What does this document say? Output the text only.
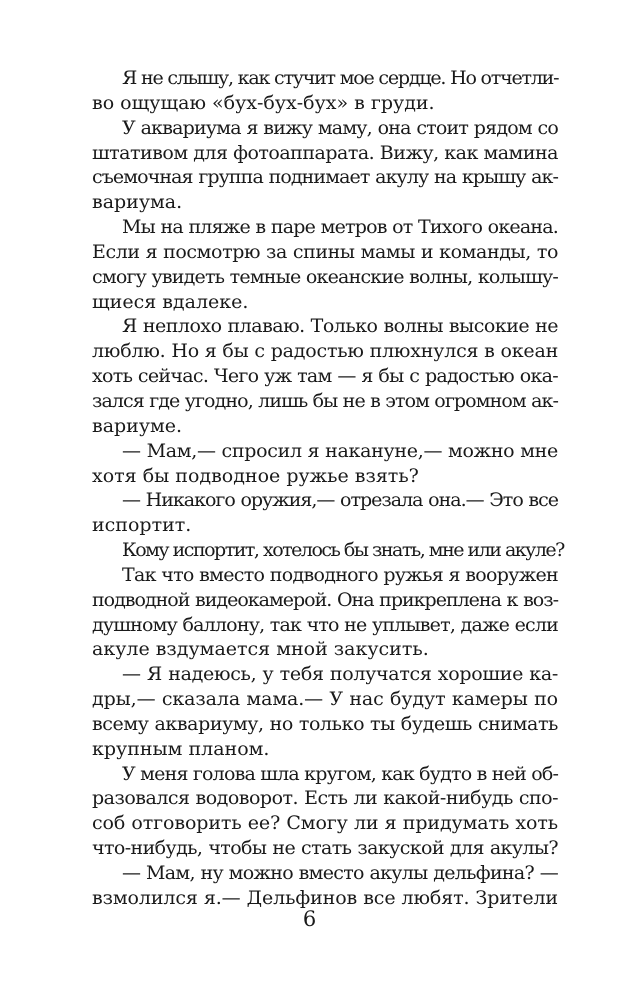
Я не слышу, как стучит мое сердце. Но отчетли-
во ощущаю «бух-бух-бух» в груди.
У аквариума я вижу маму, она стоит рядом со
штативом для фотоаппарата. Вижу, как мамина
съемочная группа поднимает акулу на крышу ак-
вариума.
Мы на пляже в паре метров от Тихого океана.
Если я посмотрю за спины мамы и команды, то
смогу увидеть темные океанские волны, колышу-
щиеся вдалеке.
Я неплохо плаваю. Только волны высокие не
люблю. Но я бы с радостью плюхнулся в океан
хоть сейчас. Чего уж там — я бы с радостью ока-
зался где угодно, лишь бы не в этом огромном ак-
вариуме.
— Мам,— спросил я накануне,— можно мне
хотя бы подводное ружье взять?
— Никакого оружия,— отрезала она.— Это все
испортит.
Кому испортит, хотелось бы знать, мне или акуле?
Так что вместо подводного ружья я вооружен
подводной видеокамерой. Она прикреплена к воз-
душному баллону, так что не уплывет, даже если
акуле вздумается мной закусить.
— Я надеюсь, у тебя получатся хорошие ка-
дры,— сказала мама.— У нас будут камеры по
всему аквариуму, но только ты будешь снимать
крупным планом.
У меня голова шла кругом, как будто в ней об-
разовался водоворот. Есть ли какой-нибудь спо-
соб отговорить ее? Смогу ли я придумать хоть
что-нибудь, чтобы не стать закуской для акулы?
— Мам, ну можно вместо акулы дельфина? —
взмолился я.— Дельфинов все любят. Зрители
6
